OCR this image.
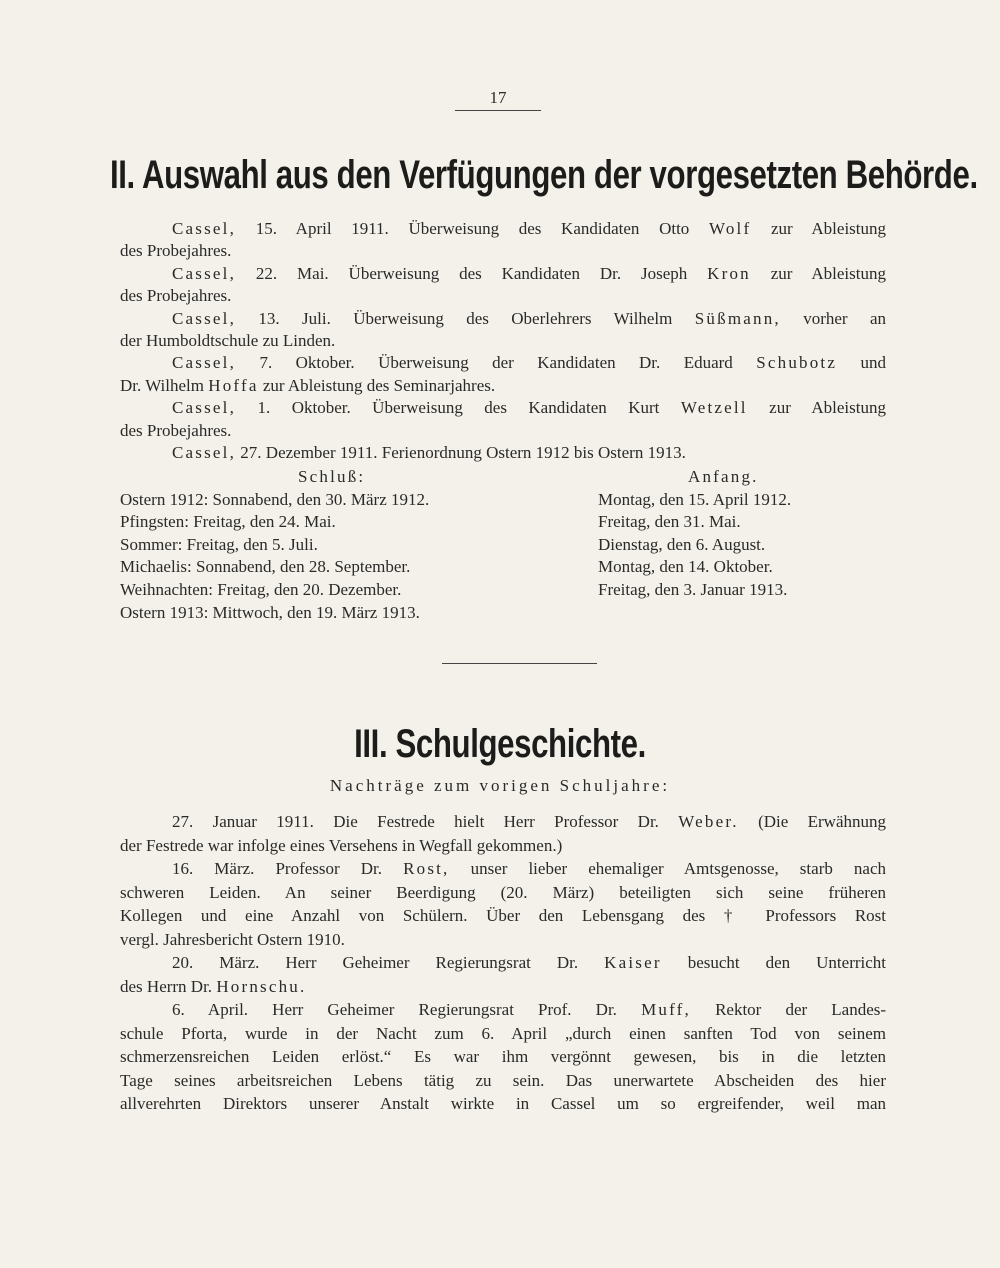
17
II. Auswahl aus den Verfügungen der vorgesetzten Behörde.
Cassel, 15. April 1911. Überweisung des Kandidaten Otto Wolf zur Ableistung
des Probejahres.
Cassel, 22. Mai. Überweisung des Kandidaten Dr. Joseph Kron zur Ableistung
des Probejahres.
Cassel, 13. Juli. Überweisung des Oberlehrers Wilhelm Süßmann, vorher an
der Humboldtschule zu Linden.
Cassel, 7. Oktober. Überweisung der Kandidaten Dr. Eduard Schubotz und
Dr. Wilhelm Hoffa zur Ableistung des Seminarjahres.
Cassel, 1. Oktober. Überweisung des Kandidaten Kurt Wetzell zur Ableistung
des Probejahres.
Cassel, 27. Dezember 1911. Ferienordnung Ostern 1912 bis Ostern 1913.
Schluß:	Anfang.
Ostern 1912: Sonnabend, den 30. März 1912.	Montag, den 15. April 1912.
Pfingsten: Freitag, den 24. Mai.	Freitag, den 31. Mai.
Sommer: Freitag, den 5. Juli.	Dienstag, den 6. August.
Michaelis: Sonnabend, den 28. September.	Montag, den 14. Oktober.
Weihnachten: Freitag, den 20. Dezember.	Freitag, den 3. Januar 1913.
Ostern 1913: Mittwoch, den 19. März 1913.
III. Schulgeschichte.
Nachträge zum vorigen Schuljahre:
27. Januar 1911. Die Festrede hielt Herr Professor Dr. Weber. (Die Erwähnung
der Festrede war infolge eines Versehens in Wegfall gekommen.)
16. März. Professor Dr. Rost, unser lieber ehemaliger Amtsgenosse, starb nach
schweren Leiden. An seiner Beerdigung (20. März) beteiligten sich seine früheren
Kollegen und eine Anzahl von Schülern. Über den Lebensgang des † Professors Rost
vergl. Jahresbericht Ostern 1910.
20. März. Herr Geheimer Regierungsrat Dr. Kaiser besucht den Unterricht
des Herrn Dr. Hornschu.
6. April. Herr Geheimer Regierungsrat Prof. Dr. Muff, Rektor der Landes-
schule Pforta, wurde in der Nacht zum 6. April „durch einen sanften Tod von seinem
schmerzensreichen Leiden erlöst.“ Es war ihm vergönnt gewesen, bis in die letzten
Tage seines arbeitsreichen Lebens tätig zu sein. Das unerwartete Abscheiden des hier
allverehrten Direktors unserer Anstalt wirkte in Cassel um so ergreifender, weil man
